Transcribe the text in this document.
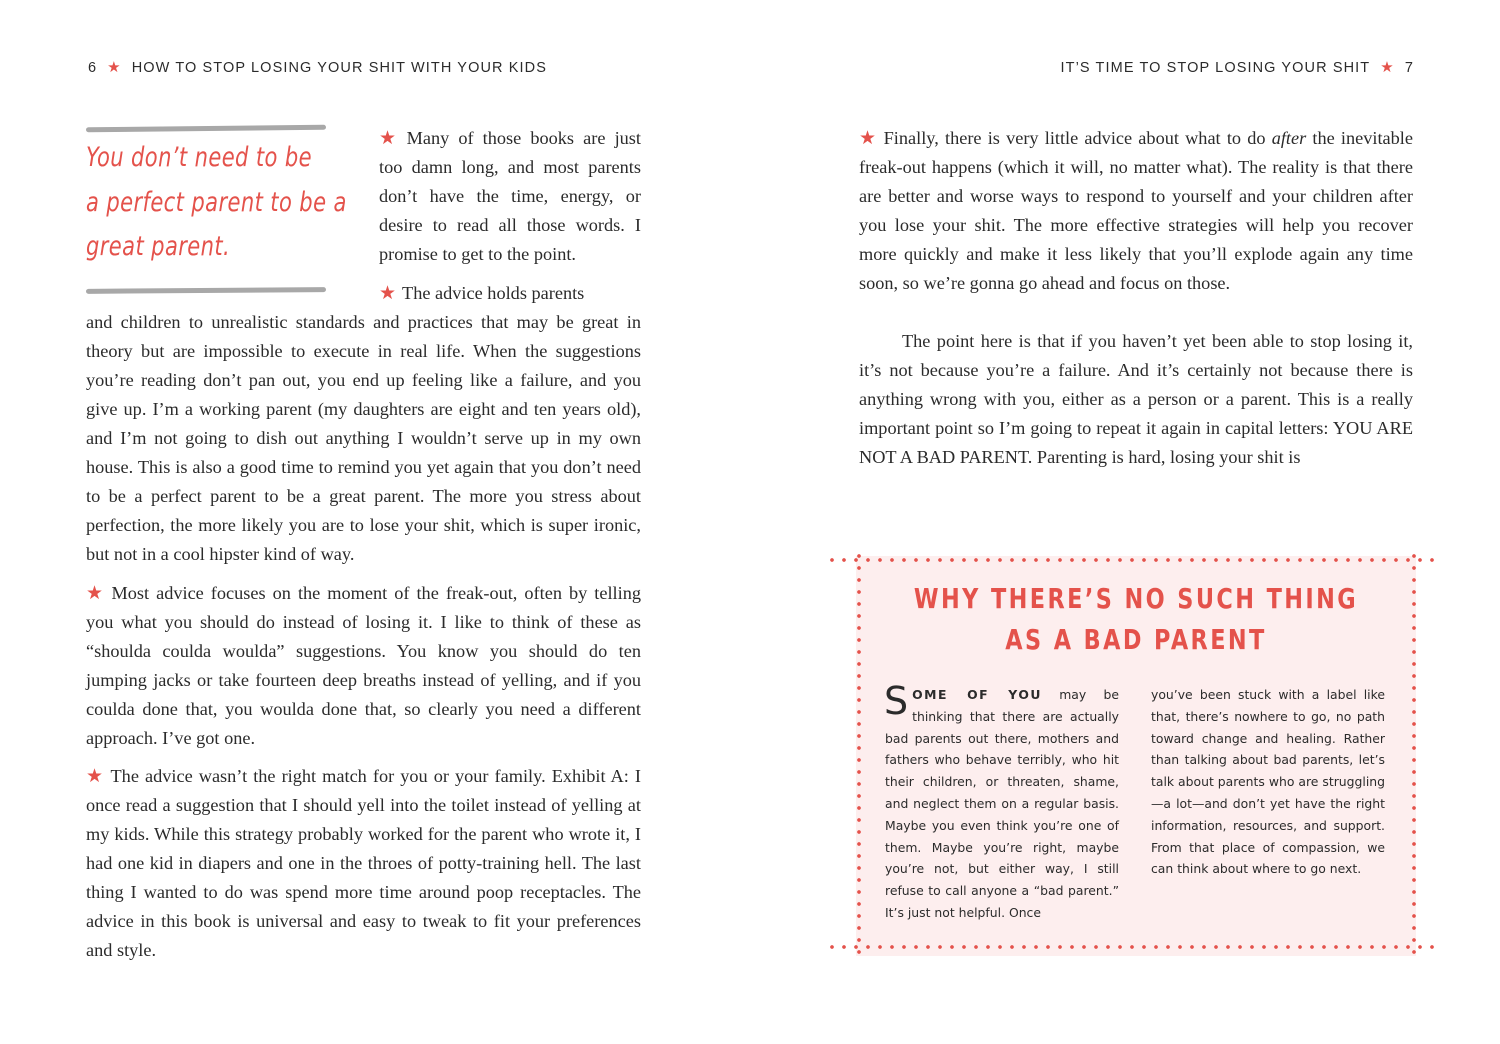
6 ★ HOW TO STOP LOSING YOUR SHIT WITH YOUR KIDS
You don’t need to be
a perfect parent to be a
great parent.

★ Many of those books are just too damn long, and most parents don’t have the time, energy, or desire to read all those words. I promise to get to the point.

★ The advice holds parents

and children to unrealistic standards and practices that may be great in theory but are impossible to execute in real life. When the suggestions you’re reading don’t pan out, you end up feeling like a failure, and you give up. I’m a working parent (my daughters are eight and ten years old), and I’m not going to dish out anything I wouldn’t serve up in my own house. This is also a good time to remind you yet again that you don’t need to be a perfect parent to be a great parent. The more you stress about perfection, the more likely you are to lose your shit, which is super ironic, but not in a cool hipster kind of way.

★ Most advice focuses on the moment of the freak-out, often by telling you what you should do instead of losing it. I like to think of these as “shoulda coulda woulda” suggestions. You know you should do ten jumping jacks or take fourteen deep breaths instead of yelling, and if you coulda done that, you woulda done that, so clearly you need a different approach. I’ve got one.

★ The advice wasn’t the right match for you or your family. Exhibit A: I once read a suggestion that I should yell into the toilet instead of yelling at my kids. While this strategy probably worked for the parent who wrote it, I had one kid in diapers and one in the throes of potty-training hell. The last thing I wanted to do was spend more time around poop receptacles. The advice in this book is universal and easy to tweak to fit your preferences and style.

IT’S TIME TO STOP LOSING YOUR SHIT ★ 7

★ Finally, there is very little advice about what to do after the inevitable freak-out happens (which it will, no matter what). The reality is that there are better and worse ways to respond to yourself and your children after you lose your shit. The more effective strategies will help you recover more quickly and make it less likely that you’ll explode again any time soon, so we’re gonna go ahead and focus on those.

The point here is that if you haven’t yet been able to stop losing it, it’s not because you’re a failure. And it’s certainly not because there is anything wrong with you, either as a person or a parent. This is a really important point so I’m going to repeat it again in capital letters: YOU ARE NOT A BAD PARENT. Parenting is hard, losing your shit is

WHY THERE’S NO SUCH THING
AS A BAD PARENT
SOME OF YOU may be thinking that there are actually bad parents out there, mothers and fathers who behave terribly, who hit their children, or threaten, shame, and neglect them on a regular basis. Maybe you even think you’re one of them. Maybe you’re right, maybe you’re not, but either way, I still refuse to call anyone a “bad parent.” It’s just not helpful. Once
you’ve been stuck with a label like that, there’s nowhere to go, no path toward change and healing. Rather than talking about bad parents, let’s talk about parents who are struggling—a lot—and don’t yet have the right information, resources, and support. From that place of compassion, we can think about where to go next.
